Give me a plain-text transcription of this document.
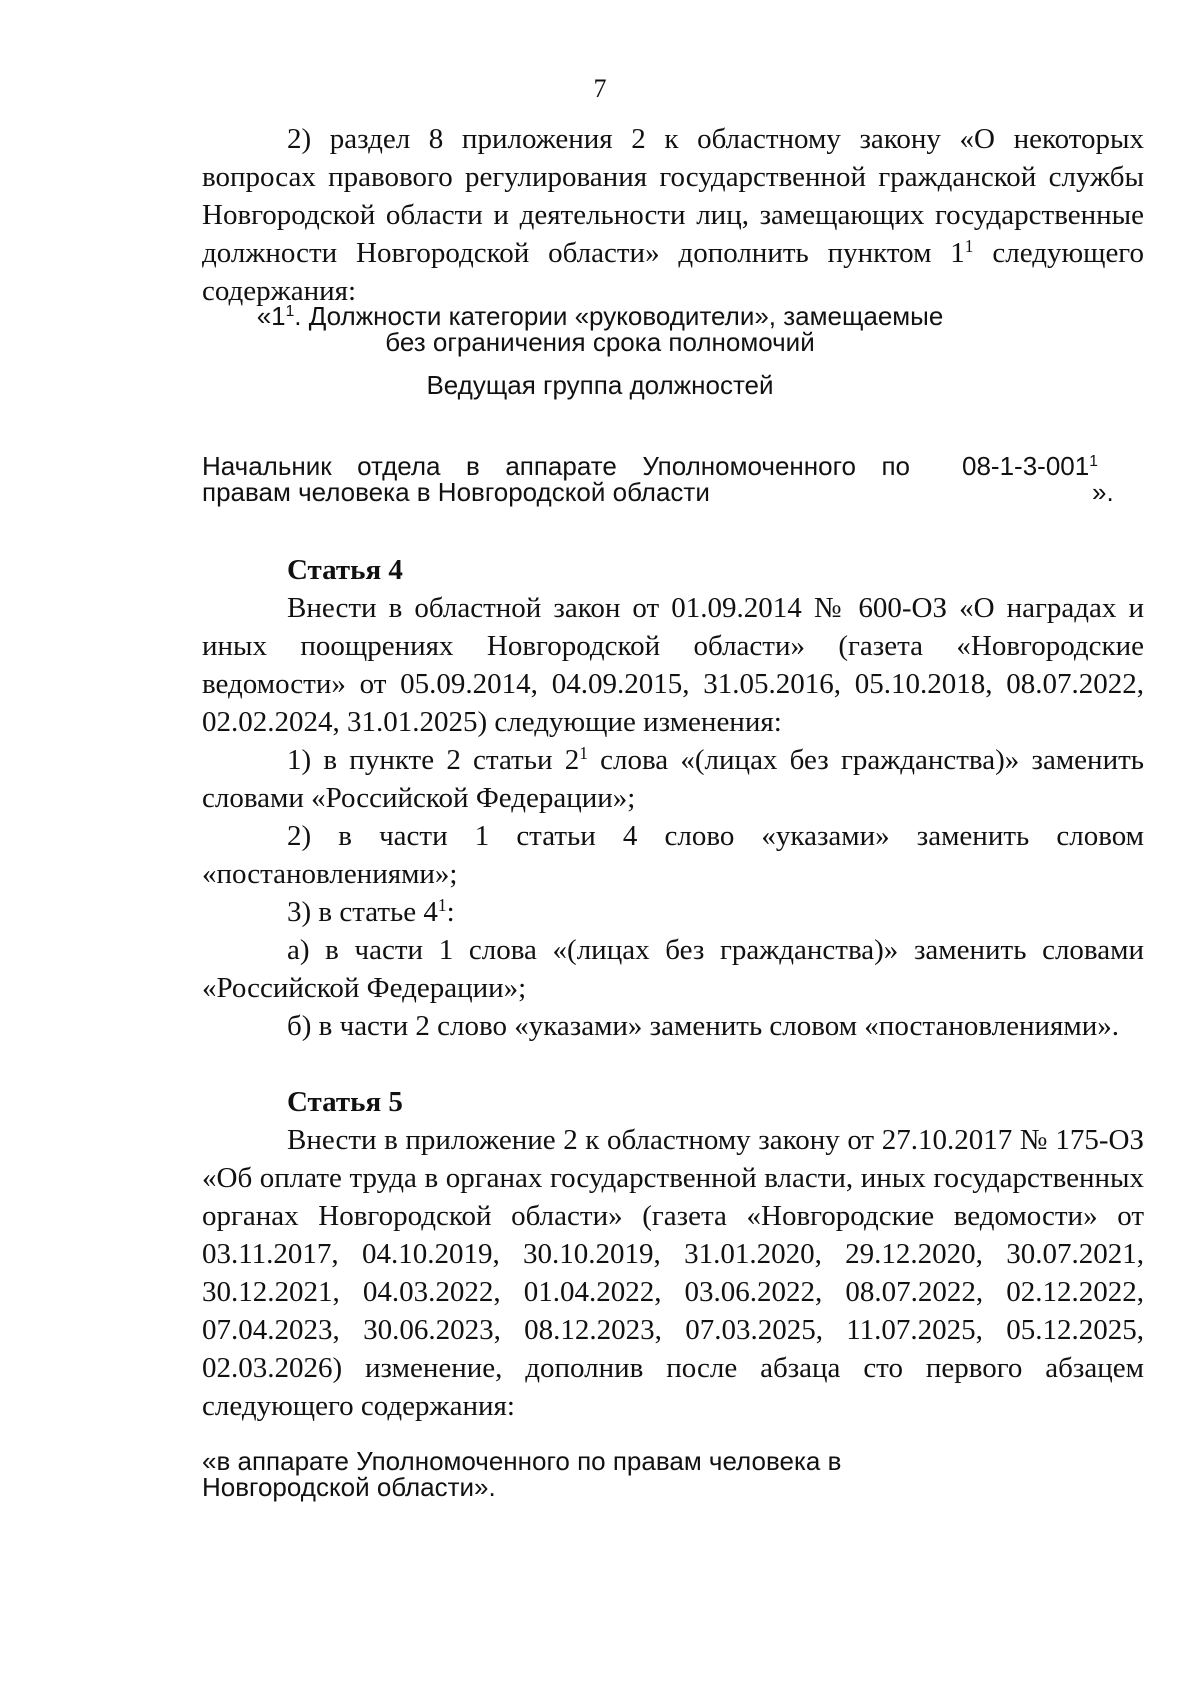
7

2) раздел 8 приложения 2 к областному закону «О некоторых вопросах правового регулирования государственной гражданской службы Новгородской области и деятельности лиц, замещающих государственные должности Новгородской области» дополнить пунктом $1^1$ следующего содержания:

«$1^1$. Должности категории «руководители», замещаемые
без ограничения срока полномочий
Ведущая группа должностей
Начальник отдела в аппарате Уполномоченного по
правам человека в Новгородской области
$08-1-3-001^1$
».
Статья 4

Внести в областной закон от 01.09.2014 № 600-ОЗ «О наградах и иных поощрениях Новгородской области» (газета «Новгородские ведомости» от 05.09.2014, 04.09.2015, 31.05.2016, 05.10.2018, 08.07.2022, 02.02.2024, 31.01.2025) следующие изменения:

1) в пункте 2 статьи $2^1$ слова «(лицах без гражданства)» заменить словами «Российской Федерации»;

2) в части 1 статьи 4 слово «указами» заменить словом «постановлениями»;

3) в статье $4^1$:

а) в части 1 слова «(лицах без гражданства)» заменить словами «Российской Федерации»;

б) в части 2 слово «указами» заменить словом «постановлениями».

Статья 5

Внести в приложение 2 к областному закону от 27.10.2017 № 175-ОЗ «Об оплате труда в органах государственной власти, иных государственных органах Новгородской области» (газета «Новгородские ведомости» от 03.11.2017, 04.10.2019, 30.10.2019, 31.01.2020, 29.12.2020, 30.07.2021, 30.12.2021, 04.03.2022, 01.04.2022, 03.06.2022, 08.07.2022, 02.12.2022, 07.04.2023, 30.06.2023, 08.12.2023, 07.03.2025, 11.07.2025, 05.12.2025, 02.03.2026) изменение, дополнив после абзаца сто первого абзацем следующего содержания:

«в аппарате Уполномоченного по правам человека в
Новгородской области».
